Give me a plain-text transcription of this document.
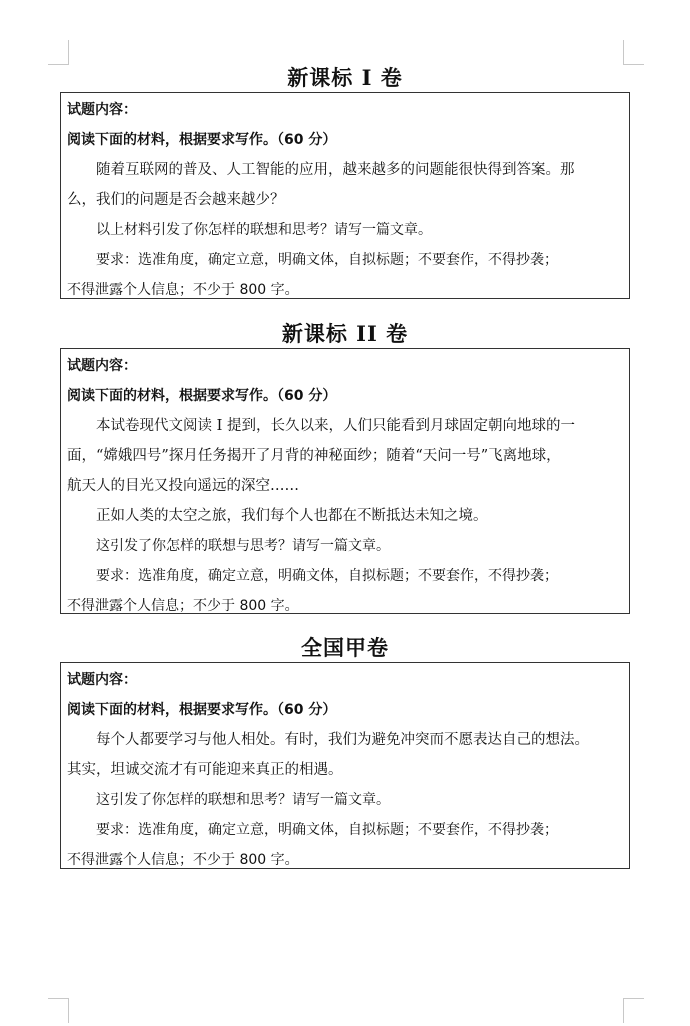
新课标 I 卷
试题内容：
阅读下面的材料，根据要求写作。（60 分）
随着互联网的普及、人工智能的应用，越来越多的问题能很快得到答案。那
么，我们的问题是否会越来越少？
以上材料引发了你怎样的联想和思考？请写一篇文章。
要求：选准角度，确定立意，明确文体，自拟标题；不要套作，不得抄袭；
不得泄露个人信息；不少于 800 字。
新课标 II 卷
试题内容：
阅读下面的材料，根据要求写作。（60 分）
本试卷现代文阅读 I 提到，长久以来，人们只能看到月球固定朝向地球的一
面，“嫦娥四号”探月任务揭开了月背的神秘面纱；随着“天问一号”飞离地球，
航天人的目光又投向遥远的深空……
正如人类的太空之旅，我们每个人也都在不断抵达未知之境。
这引发了你怎样的联想与思考？请写一篇文章。
要求：选准角度，确定立意，明确文体，自拟标题；不要套作，不得抄袭；
不得泄露个人信息；不少于 800 字。
全国甲卷
试题内容：
阅读下面的材料，根据要求写作。（60 分）
每个人都要学习与他人相处。有时，我们为避免冲突而不愿表达自己的想法。
其实，坦诚交流才有可能迎来真正的相遇。
这引发了你怎样的联想和思考？请写一篇文章。
要求：选准角度，确定立意，明确文体，自拟标题；不要套作，不得抄袭；
不得泄露个人信息；不少于 800 字。
